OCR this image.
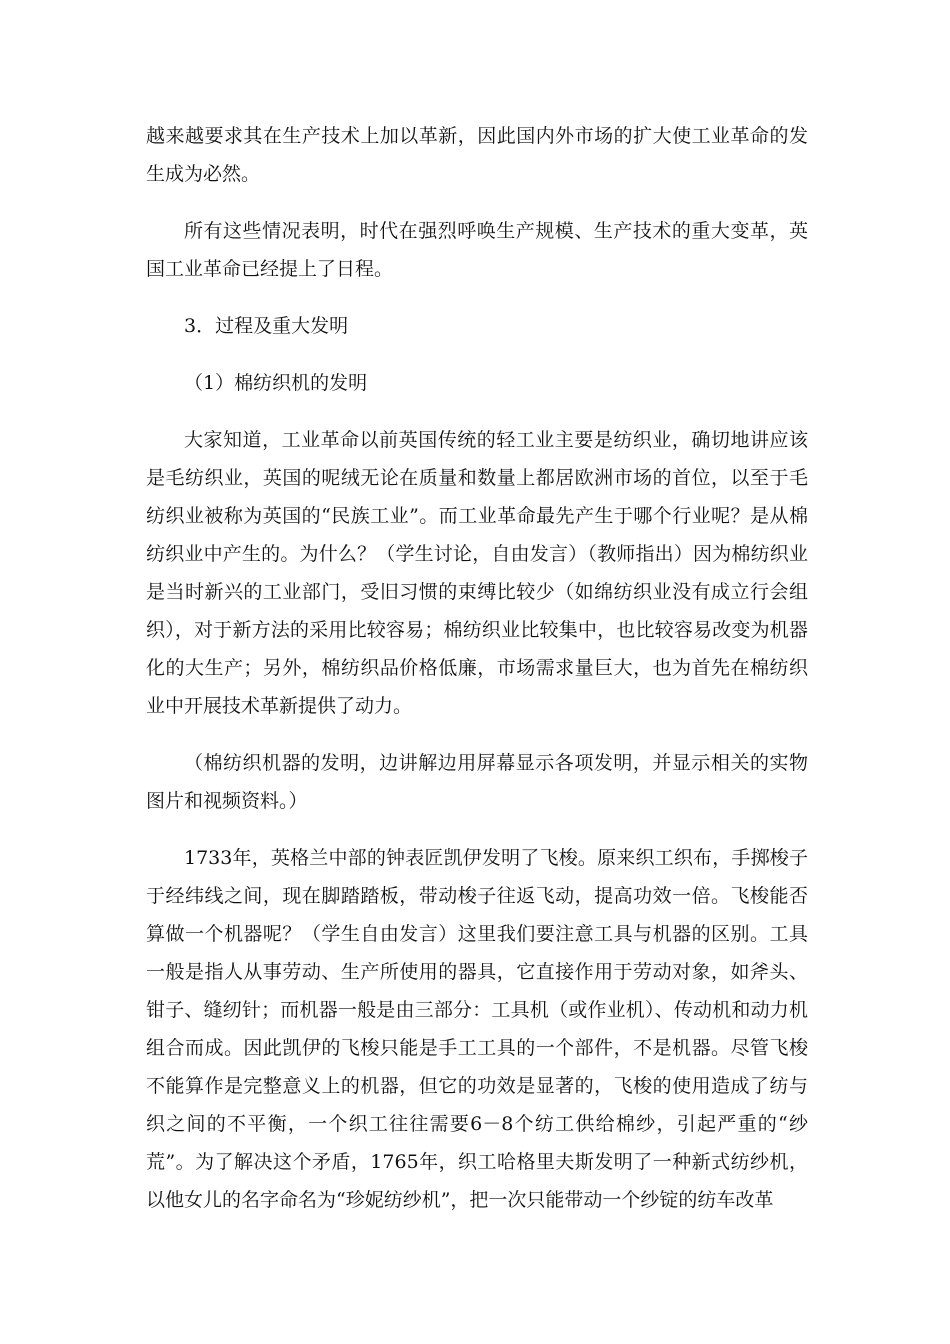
越来越要求其在生产技术上加以革新，因此国内外市场的扩大使工业革命的发生成为必然。

所有这些情况表明，时代在强烈呼唤生产规模、生产技术的重大变革，英国工业革命已经提上了日程。

3．过程及重大发明

（1）棉纺织机的发明

大家知道，工业革命以前英国传统的轻工业主要是纺织业，确切地讲应该是毛纺织业，英国的呢绒无论在质量和数量上都居欧洲市场的首位，以至于毛纺织业被称为英国的“民族工业”。而工业革命最先产生于哪个行业呢？是从棉纺织业中产生的。为什么？（学生讨论，自由发言）（教师指出）因为棉纺织业是当时新兴的工业部门，受旧习惯的束缚比较少（如绵纺织业没有成立行会组织），对于新方法的采用比较容易；棉纺织业比较集中，也比较容易改变为机器化的大生产；另外，棉纺织品价格低廉，市场需求量巨大，也为首先在棉纺织业中开展技术革新提供了动力。

（棉纺织机器的发明，边讲解边用屏幕显示各项发明，并显示相关的实物图片和视频资料。）

1733年，英格兰中部的钟表匠凯伊发明了飞梭。原来织工织布，手掷梭子于经纬线之间，现在脚踏踏板，带动梭子往返飞动，提高功效一倍。飞梭能否算做一个机器呢？（学生自由发言）这里我们要注意工具与机器的区别。工具一般是指人从事劳动、生产所使用的器具，它直接作用于劳动对象，如斧头、钳子、缝纫针；而机器一般是由三部分：工具机（或作业机）、传动机和动力机组合而成。因此凯伊的飞梭只能是手工工具的一个部件，不是机器。尽管飞梭不能算作是完整意义上的机器，但它的功效是显著的，飞梭的使用造成了纺与织之间的不平衡，一个织工往往需要6－8个纺工供给棉纱，引起严重的“纱荒”。为了解决这个矛盾，1765年，织工哈格里夫斯发明了一种新式纺纱机，以他女儿的名字命名为“珍妮纺纱机”，把一次只能带动一个纱锭的纺车改革
